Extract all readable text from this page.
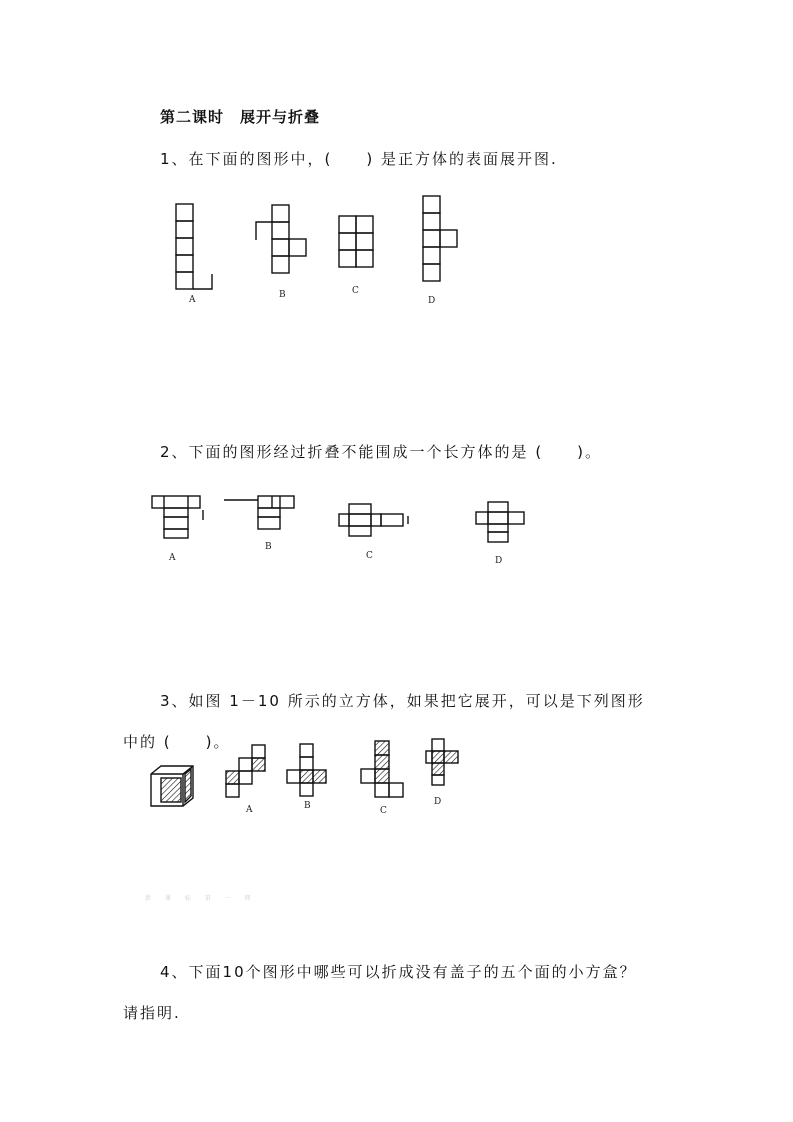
第二课时　展开与折叠
1、在下面的图形中，(　　) 是正方体的表面展开图.
A	B	C
D
2、下面的图形经过折叠不能围成一个长方体的是 (　　)。
A
B
C	D
3、如图 1－10 所示的立方体，如果把它展开，可以是下列图形
中的 (　　)。
A	B	C
D
新 课 标 第 一 网
4、下面10个图形中哪些可以折成没有盖子的五个面的小方盒？
请指明.
